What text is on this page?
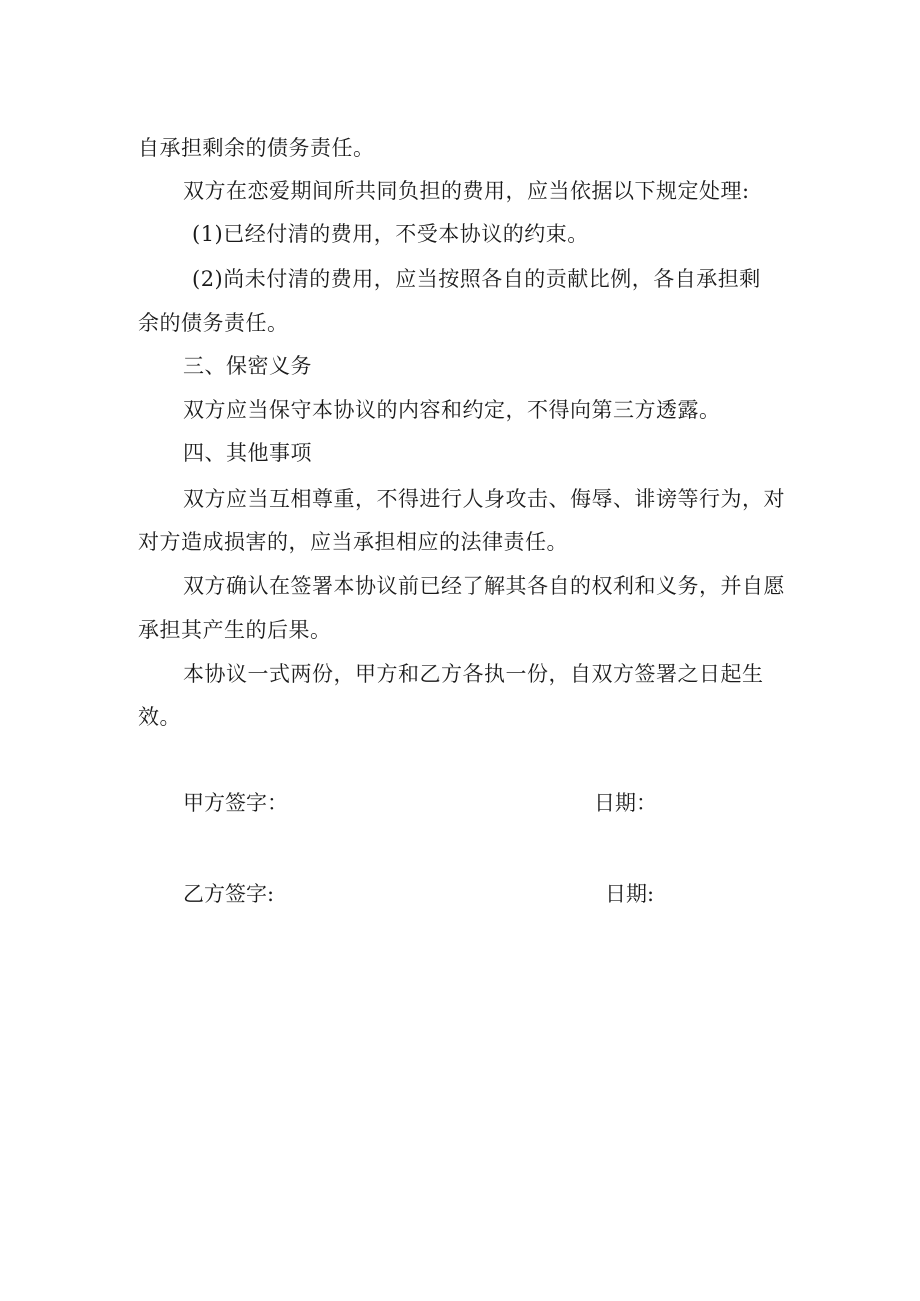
自承担剩余的债务责任。
双方在恋爱期间所共同负担的费用，应当依据以下规定处理:
(1)已经付清的费用，不受本协议的约束。
(2)尚未付清的费用，应当按照各自的贡献比例，各自承担剩
余的债务责任。
三、保密义务
双方应当保守本协议的内容和约定，不得向第三方透露。
四、其他事项
双方应当互相尊重，不得进行人身攻击、侮辱、诽谤等行为，对
对方造成损害的，应当承担相应的法律责任。
双方确认在签署本协议前已经了解其各自的权利和义务，并自愿
承担其产生的后果。
本协议一式两份，甲方和乙方各执一份，自双方签署之日起生
效。
甲方签字：	日期：
乙方签字:	日期:
